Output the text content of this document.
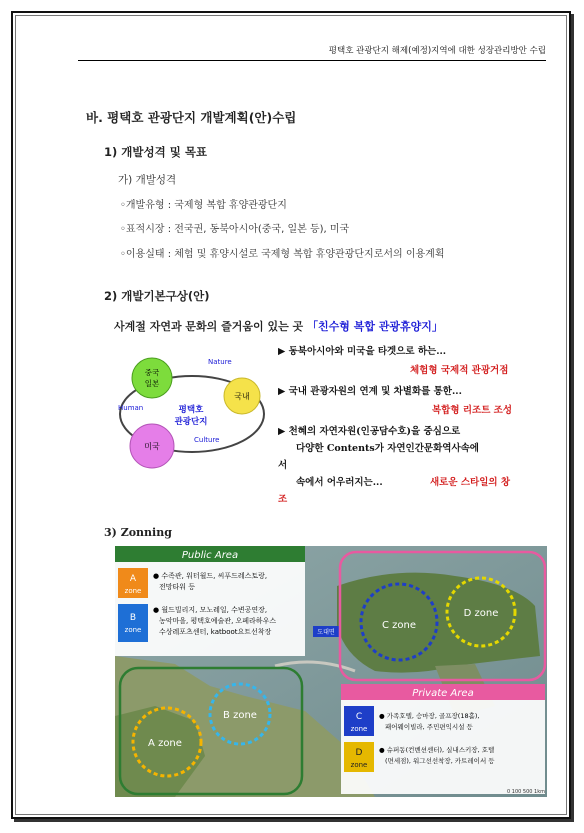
평택호 관광단지 해제(예정)지역에 대한 성장관리방안 수립
바. 평택호 관광단지 개발계획(안)수립
1) 개발성격 및 목표
가) 개발성격
◦개발유형 : 국제형 복합 휴양관광단지
◦표적시장 : 전국권, 동북아시아(중국, 일본 등), 미국
◦이용실태 : 체험 및 휴양시설로 국제형 복합 휴양관광단지로서의 이용계획
2) 개발기본구상(안)
사계절 자연과 문화의 즐거움이 있는 곳 「친수형 복합 관광휴양지」
중국
일본
국내
미국
평택호
관광단지
Nature
Human
Culture
▶ 동북아시아와 미국을 타겟으로 하는...
체험형 국제적 관광거점
▶ 국내 관광자원의 연계 및 차별화를 통한...
복합형 리조트 조성
▶ 천혜의 자연자원(인공담수호)을 중심으로
다양한 Contents가 자연인간문화역사속에
서
속에서 어우러지는...	새로운 스타일의 창
조
3) Zonning
Public Area
A
zone
● 수족관, 워터월드, 씨푸드레스토랑,
전망타워 등
B
zone
● 월드빌리지, 모노레일, 수변공연장,
농악마을, 평택호예술관, 오페라하우스
수상레포츠센터, katboot요트선착장	도대면
C zone
D zone
A zone
B zone
Private Area
C
zone
● 가족호텔, 승마장, 골프장(18홀),
패어웨이빌라, 주민편익시설 등
D
zone
● 슈퍼동(컨벤션센터), 실내스키장, 호텔
(면세점), 워그선선착장, 카트레이서 등
0 100 500 1km
